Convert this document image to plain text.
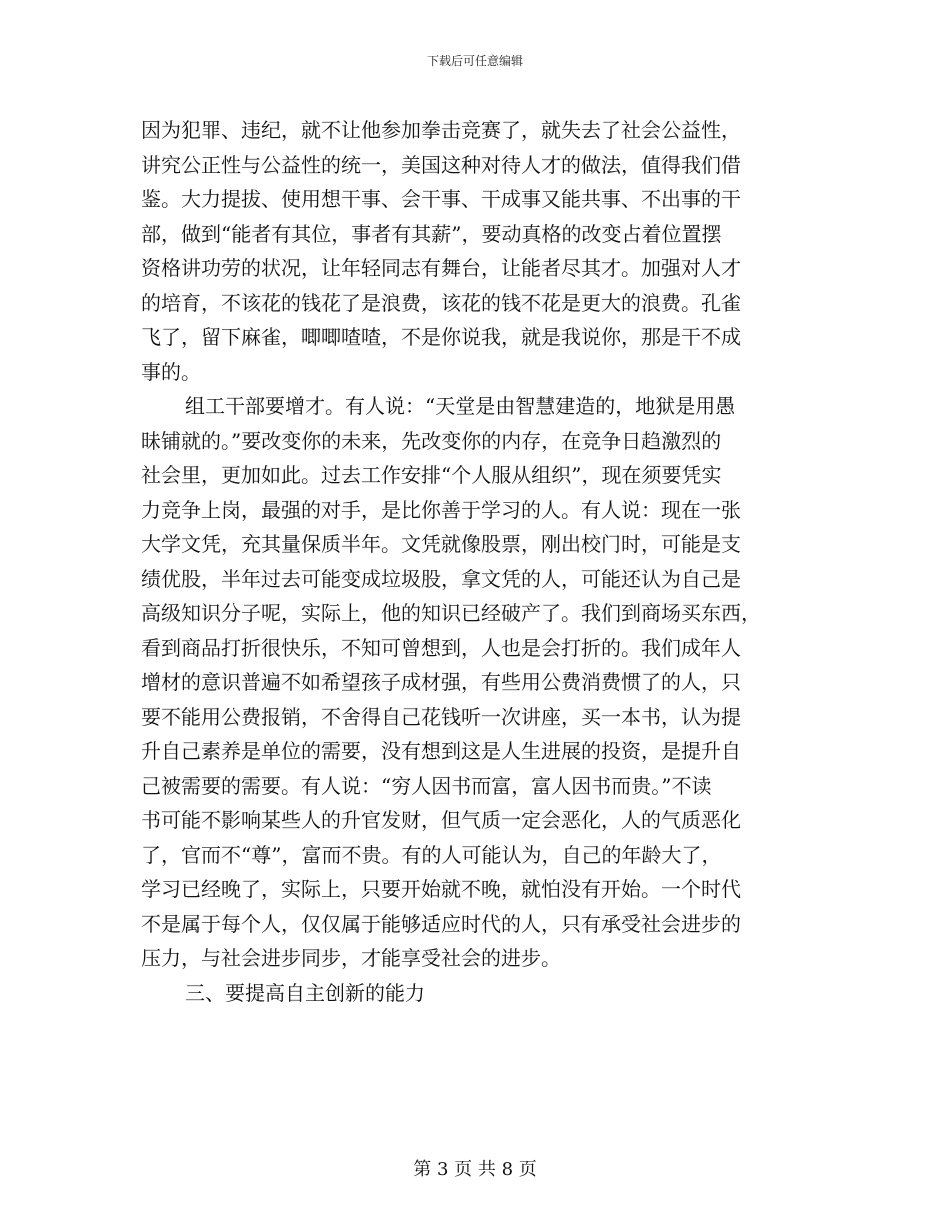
下载后可任意编辑
因为犯罪、违纪，就不让他参加拳击竞赛了，就失去了社会公益性，
讲究公正性与公益性的统一，美国这种对待人才的做法，值得我们借
鉴。大力提拔、使用想干事、会干事、干成事又能共事、不出事的干
部，做到“能者有其位，事者有其薪”，要动真格的改变占着位置摆
资格讲功劳的状况，让年轻同志有舞台，让能者尽其才。加强对人才
的培育，不该花的钱花了是浪费，该花的钱不花是更大的浪费。孔雀
飞了，留下麻雀，唧唧喳喳，不是你说我，就是我说你，那是干不成
事的。
组工干部要增才。有人说：“天堂是由智慧建造的，地狱是用愚
昧铺就的。”要改变你的未来，先改变你的内存，在竞争日趋激烈的
社会里，更加如此。过去工作安排“个人服从组织”，现在须要凭实
力竞争上岗，最强的对手，是比你善于学习的人。有人说：现在一张
大学文凭，充其量保质半年。文凭就像股票，刚出校门时，可能是支
绩优股，半年过去可能变成垃圾股，拿文凭的人，可能还认为自己是
高级知识分子呢，实际上，他的知识已经破产了。我们到商场买东西，
看到商品打折很快乐，不知可曾想到，人也是会打折的。我们成年人
增材的意识普遍不如希望孩子成材强，有些用公费消费惯了的人，只
要不能用公费报销，不舍得自己花钱听一次讲座，买一本书，认为提
升自己素养是单位的需要，没有想到这是人生进展的投资，是提升自
己被需要的需要。有人说：“穷人因书而富，富人因书而贵。”不读
书可能不影响某些人的升官发财，但气质一定会恶化，人的气质恶化
了，官而不“尊”，富而不贵。有的人可能认为，自己的年龄大了，
学习已经晚了，实际上，只要开始就不晚，就怕没有开始。一个时代
不是属于每个人，仅仅属于能够适应时代的人，只有承受社会进步的
压力，与社会进步同步，才能享受社会的进步。
三、要提高自主创新的能力
第 3 页 共 8 页
